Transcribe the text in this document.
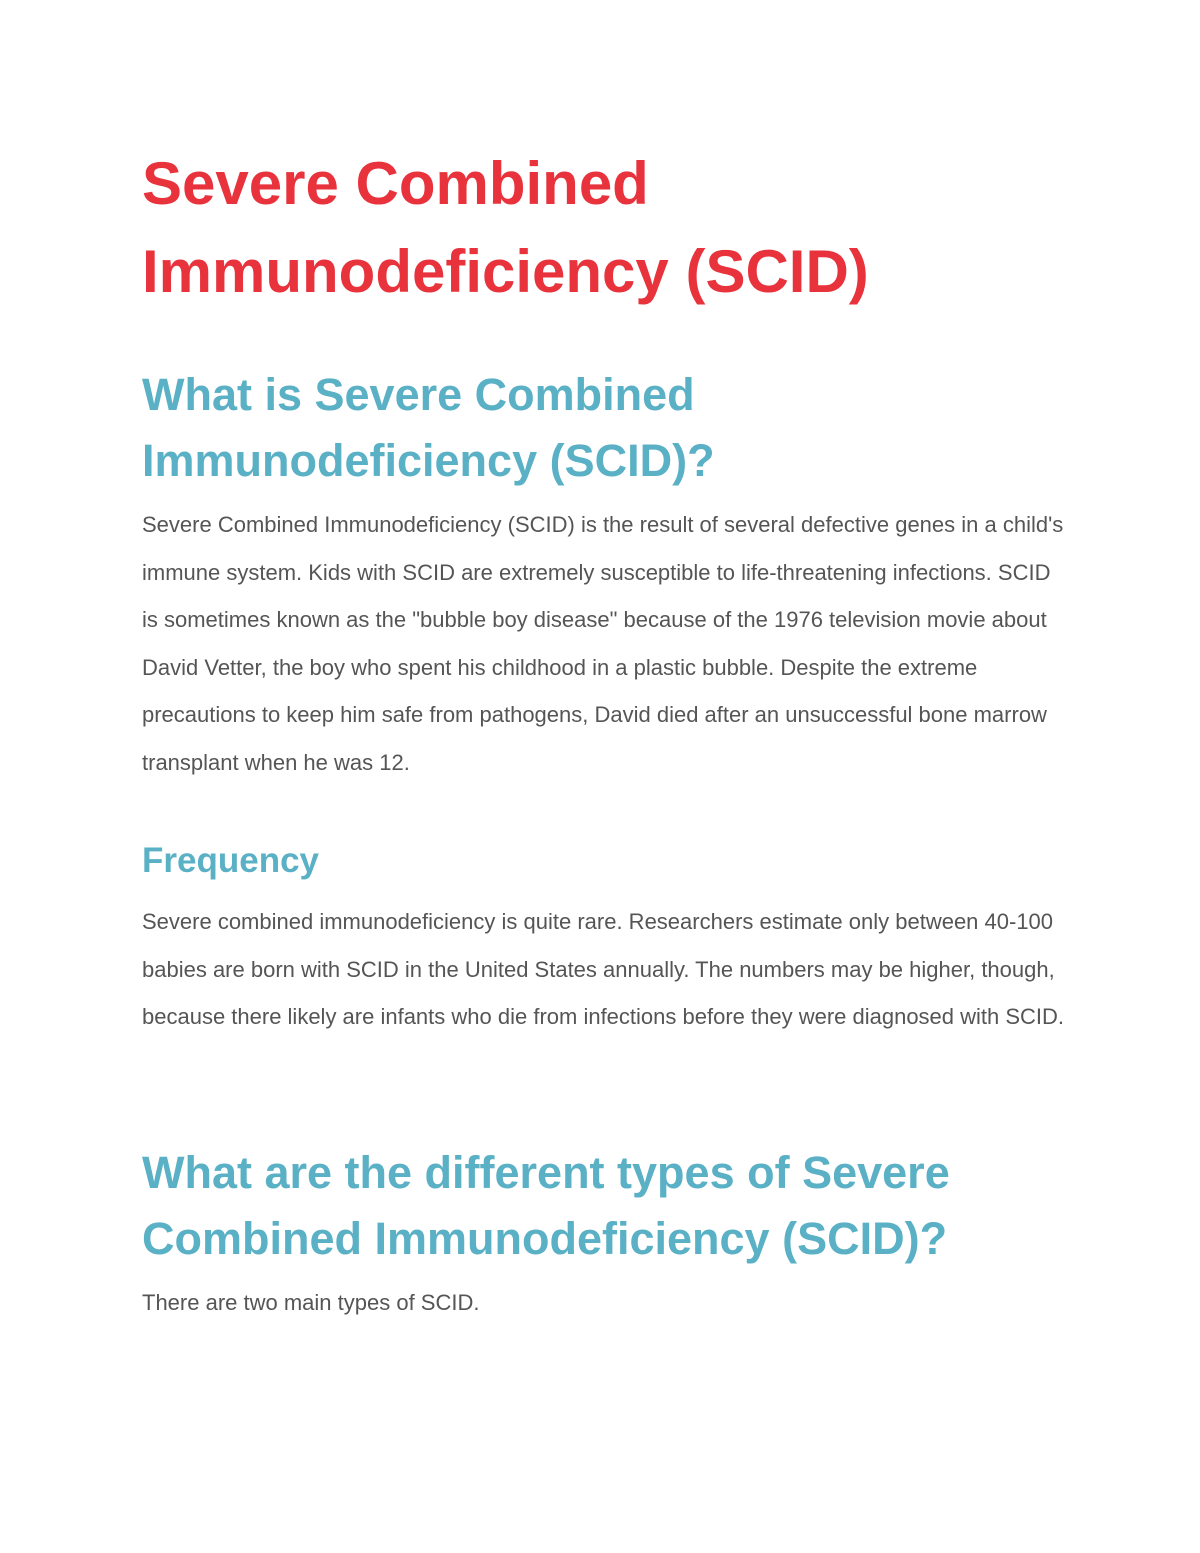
Severe Combined Immunodeficiency (SCID)
What is Severe Combined Immunodeficiency (SCID)?

Severe Combined Immunodeficiency (SCID) is the result of several defective genes in a child's immune system. Kids with SCID are extremely susceptible to life-threatening infections. SCID is sometimes known as the "bubble boy disease" because of the 1976 television movie about David Vetter, the boy who spent his childhood in a plastic bubble. Despite the extreme precautions to keep him safe from pathogens, David died after an unsuccessful bone marrow transplant when he was 12.

Frequency

Severe combined immunodeficiency is quite rare. Researchers estimate only between 40-100 babies are born with SCID in the United States annually. The numbers may be higher, though, because there likely are infants who die from infections before they were diagnosed with SCID.

What are the different types of Severe Combined Immunodeficiency (SCID)?

There are two main types of SCID.
